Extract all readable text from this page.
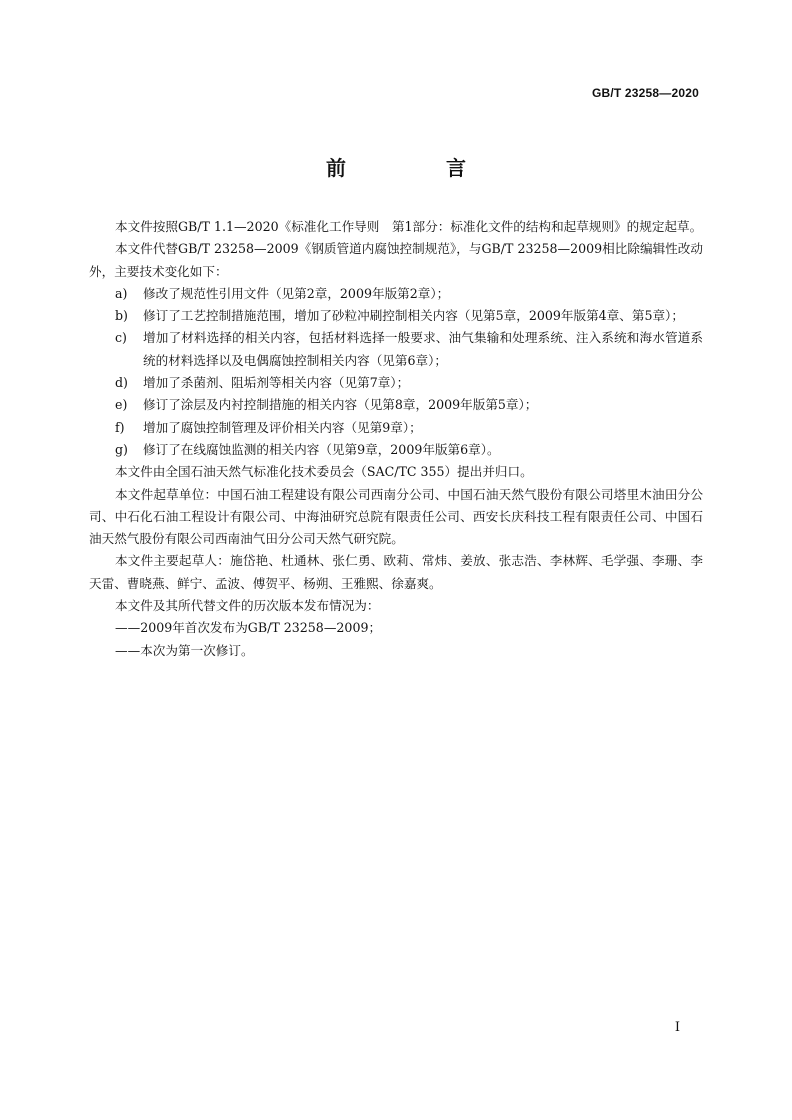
GB/T 23258—2020
前　言

本文件按照GB/T 1.1—2020《标准化工作导则　第1部分：标准化文件的结构和起草规则》的规定起草。

本文件代替GB/T 23258—2009《钢质管道内腐蚀控制规范》，与GB/T 23258—2009相比除编辑性改动外，主要技术变化如下：

a)	修改了规范性引用文件（见第2章，2009年版第2章）；
b)	修订了工艺控制措施范围，增加了砂粒冲刷控制相关内容（见第5章，2009年版第4章、第5章）；
c)	增加了材料选择的相关内容，包括材料选择一般要求、油气集输和处理系统、注入系统和海水管道系统的材料选择以及电偶腐蚀控制相关内容（见第6章）；
d)	增加了杀菌剂、阻垢剂等相关内容（见第7章）；
e)	修订了涂层及内衬控制措施的相关内容（见第8章，2009年版第5章）；
f)	增加了腐蚀控制管理及评价相关内容（见第9章）；
g)	修订了在线腐蚀监测的相关内容（见第9章，2009年版第6章）。

本文件由全国石油天然气标准化技术委员会（SAC/TC 355）提出并归口。

本文件起草单位：中国石油工程建设有限公司西南分公司、中国石油天然气股份有限公司塔里木油田分公司、中石化石油工程设计有限公司、中海油研究总院有限责任公司、西安长庆科技工程有限责任公司、中国石油天然气股份有限公司西南油气田分公司天然气研究院。

本文件主要起草人：施岱艳、杜通林、张仁勇、欧莉、常炜、姜放、张志浩、李林辉、毛学强、李珊、李天雷、曹晓燕、鲜宁、孟波、傅贺平、杨朔、王雅熙、徐嘉爽。

本文件及其所代替文件的历次版本发布情况为：

——2009年首次发布为GB/T 23258—2009；

——本次为第一次修订。

I
